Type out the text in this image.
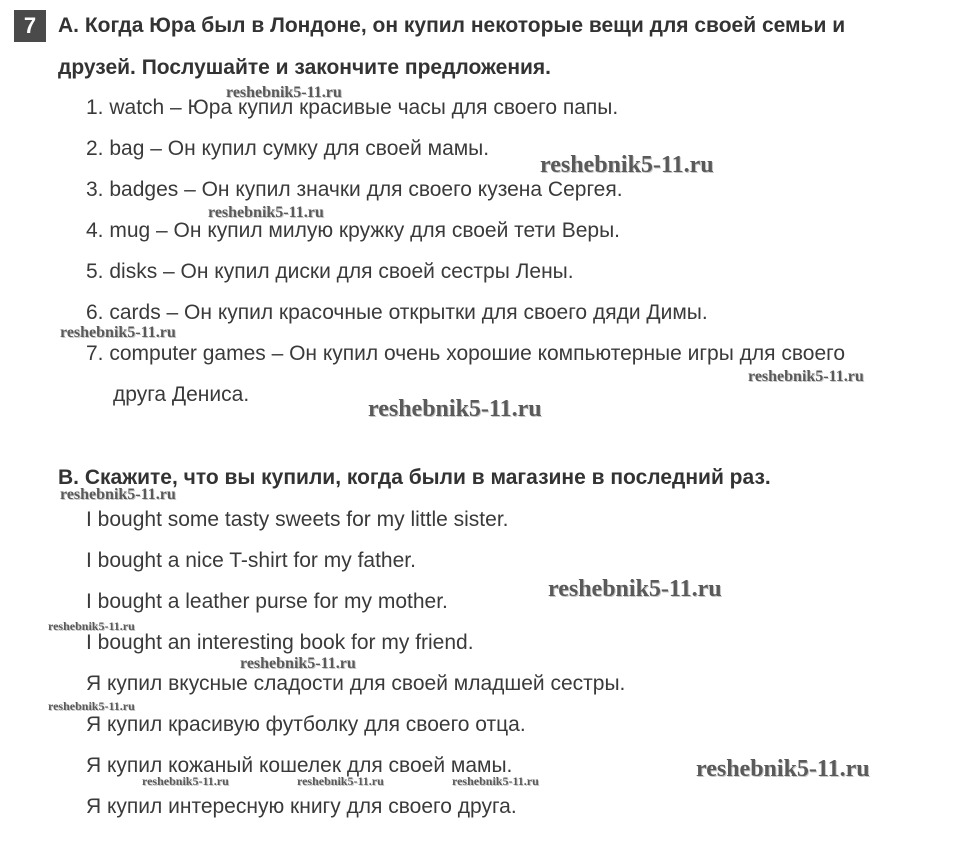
7	A. Когда Юра был в Лондоне, он купил некоторые вещи для своей семьи и
друзей. Послушайте и закончите предложения.
1. watch – Юра купил красивые часы для своего папы.
2. bag – Он купил сумку для своей мамы.
3. badges – Он купил значки для своего кузена Сергея.
4. mug – Он купил милую кружку для своей тети Веры.
5. disks – Он купил диски для своей сестры Лены.
6. cards – Он купил красочные открытки для своего дяди Димы.
7. computer games – Он купил очень хорошие компьютерные игры для своего
друга Дениса.
B. Скажите, что вы купили, когда были в магазине в последний раз.
I bought some tasty sweets for my little sister.
I bought a nice T-shirt for my father.
I bought a leather purse for my mother.
I bought an interesting book for my friend.
Я купил вкусные сладости для своей младшей сестры.
Я купил красивую футболку для своего отца.
Я купил кожаный кошелек для своей мамы.
Я купил интересную книгу для своего друга.
reshebnik5-11.ru
reshebnik5-11.ru
reshebnik5-11.ru
reshebnik5-11.ru
reshebnik5-11.ru
reshebnik5-11.ru
reshebnik5-11.ru
reshebnik5-11.ru
reshebnik5-11.ru
reshebnik5-11.ru
reshebnik5-11.ru
reshebnik5-11.ru
reshebnik5-11.ru	reshebnik5-11.ru	reshebnik5-11.ru
